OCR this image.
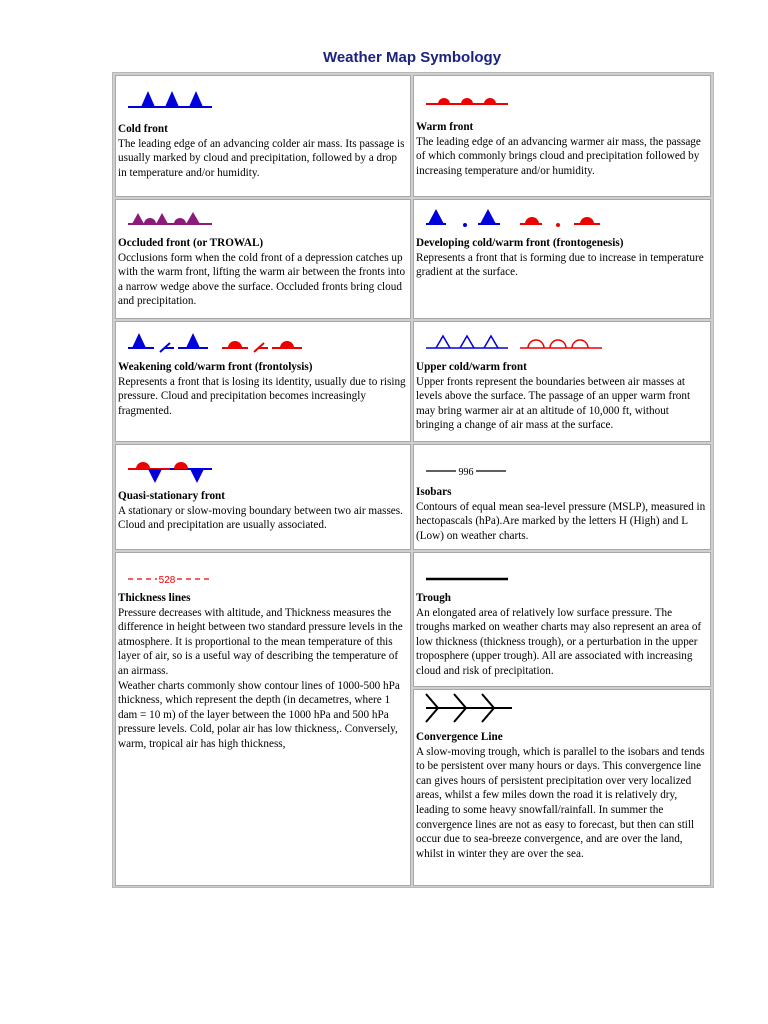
Weather Map Symbology
Cold front
The leading edge of an advancing colder air mass. Its passage is usually marked by cloud and precipitation, followed by a drop in temperature and/or humidity.
Warm front
The leading edge of an advancing warmer air mass, the passage of which commonly brings cloud and precipitation followed by increasing temperature and/or humidity.
Occluded front (or TROWAL)
Occlusions form when the cold front of a depression catches up with the warm front, lifting the warm air between the fronts into a narrow wedge above the surface. Occluded fronts bring cloud and precipitation.
Developing cold/warm front (frontogenesis)
Represents a front that is forming due to increase in temperature gradient at the surface.
Weakening cold/warm front (frontolysis)
Represents a front that is losing its identity, usually due to rising pressure. Cloud and precipitation becomes increasingly fragmented.
Upper cold/warm front
Upper fronts represent the boundaries between air masses at levels above the surface. The passage of an upper warm front may bring warmer air at an altitude of 10,000 ft, without bringing a change of air mass at the surface.
Quasi-stationary front
A stationary or slow-moving boundary between two air masses. Cloud and precipitation are usually associated.
996
Isobars
Contours of equal mean sea-level pressure (MSLP), measured in hectopascals (hPa).Are marked by the letters H (High) and L (Low) on weather charts.
528
Thickness lines
Pressure decreases with altitude, and Thickness measures the difference in height between two standard pressure levels in the atmosphere. It is proportional to the mean temperature of this layer of air, so is a useful way of describing the temperature of an airmass.
Weather charts commonly show contour lines of 1000-500 hPa thickness, which represent the depth (in decametres, where 1 dam = 10 m) of the layer between the 1000 hPa and 500 hPa pressure levels. Cold, polar air has low thickness,. Conversely, warm, tropical air has high thickness,
Trough
An elongated area of relatively low surface pressure. The troughs marked on weather charts may also represent an area of low thickness (thickness trough), or a perturbation in the upper troposphere (upper trough). All are associated with increasing cloud and risk of precipitation.
Convergence Line
A slow-moving trough, which is parallel to the isobars and tends to be persistent over many hours or days. This convergence line can gives hours of persistent precipitation over very localized areas, whilst a few miles down the road it is relatively dry, leading to some heavy snowfall/rainfall. In summer the convergence lines are not as easy to forecast, but then can still occur due to sea-breeze convergence, and are over the land, whilst in winter they are over the sea.
